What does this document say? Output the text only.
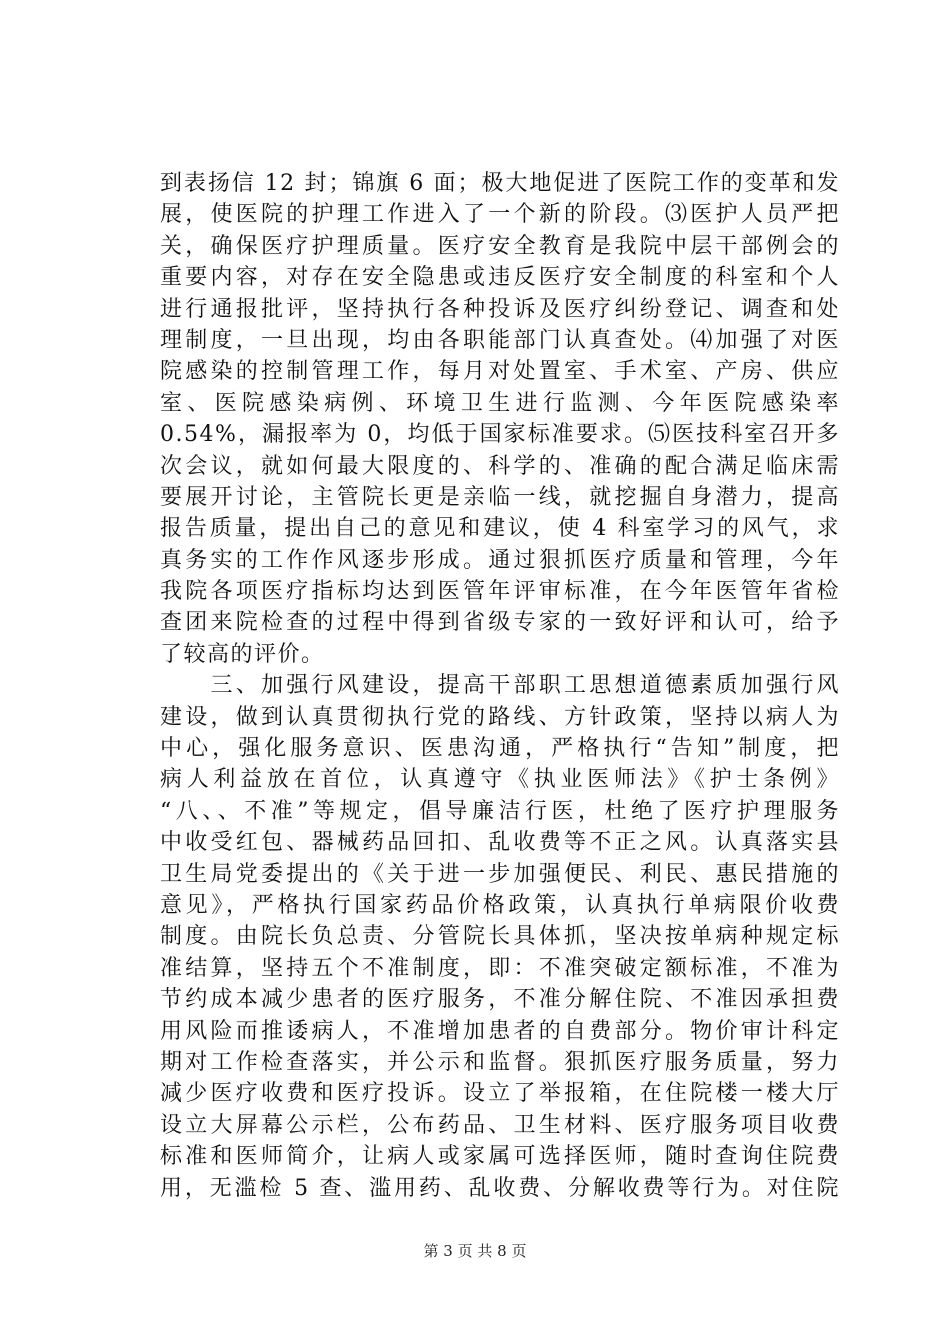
到表扬信 12 封；锦旗 6 面；极大地促进了医院工作的变革和发
展，使医院的护理工作进入了一个新的阶段。⑶医护人员严把
关，确保医疗护理质量。医疗安全教育是我院中层干部例会的
重要内容，对存在安全隐患或违反医疗安全制度的科室和个人
进行通报批评，坚持执行各种投诉及医疗纠纷登记、调查和处
理制度，一旦出现，均由各职能部门认真查处。⑷加强了对医
院感染的控制管理工作，每月对处置室、手术室、产房、供应
室、医院感染病例、环境卫生进行监测、今年医院感染率
0.54%，漏报率为 0，均低于国家标准要求。⑸医技科室召开多
次会议，就如何最大限度的、科学的、准确的配合满足临床需
要展开讨论，主管院长更是亲临一线，就挖掘自身潜力，提高
报告质量，提出自己的意见和建议，使 4 科室学习的风气，求
真务实的工作作风逐步形成。通过狠抓医疗质量和管理，今年
我院各项医疗指标均达到医管年评审标准，在今年医管年省检
查团来院检查的过程中得到省级专家的一致好评和认可，给予
了较高的评价。
　　三、加强行风建设，提高干部职工思想道德素质加强行风
建设，做到认真贯彻执行党的路线、方针政策，坚持以病人为
中心，强化服务意识、医患沟通，严格执行“告知”制度，把
病人利益放在首位，认真遵守《执业医师法》《护士条例》
“八、、不准”等规定，倡导廉洁行医，杜绝了医疗护理服务
中收受红包、器械药品回扣、乱收费等不正之风。认真落实县
卫生局党委提出的《关于进一步加强便民、利民、惠民措施的
意见》，严格执行国家药品价格政策，认真执行单病限价收费
制度。由院长负总责、分管院长具体抓，坚决按单病种规定标
准结算，坚持五个不准制度，即：不准突破定额标准，不准为
节约成本减少患者的医疗服务，不准分解住院、不准因承担费
用风险而推诿病人，不准增加患者的自费部分。物价审计科定
期对工作检查落实，并公示和监督。狠抓医疗服务质量，努力
减少医疗收费和医疗投诉。设立了举报箱，在住院楼一楼大厅
设立大屏幕公示栏，公布药品、卫生材料、医疗服务项目收费
标准和医师简介，让病人或家属可选择医师，随时查询住院费
用，无滥检 5 查、滥用药、乱收费、分解收费等行为。对住院
第 3 页 共 8 页
